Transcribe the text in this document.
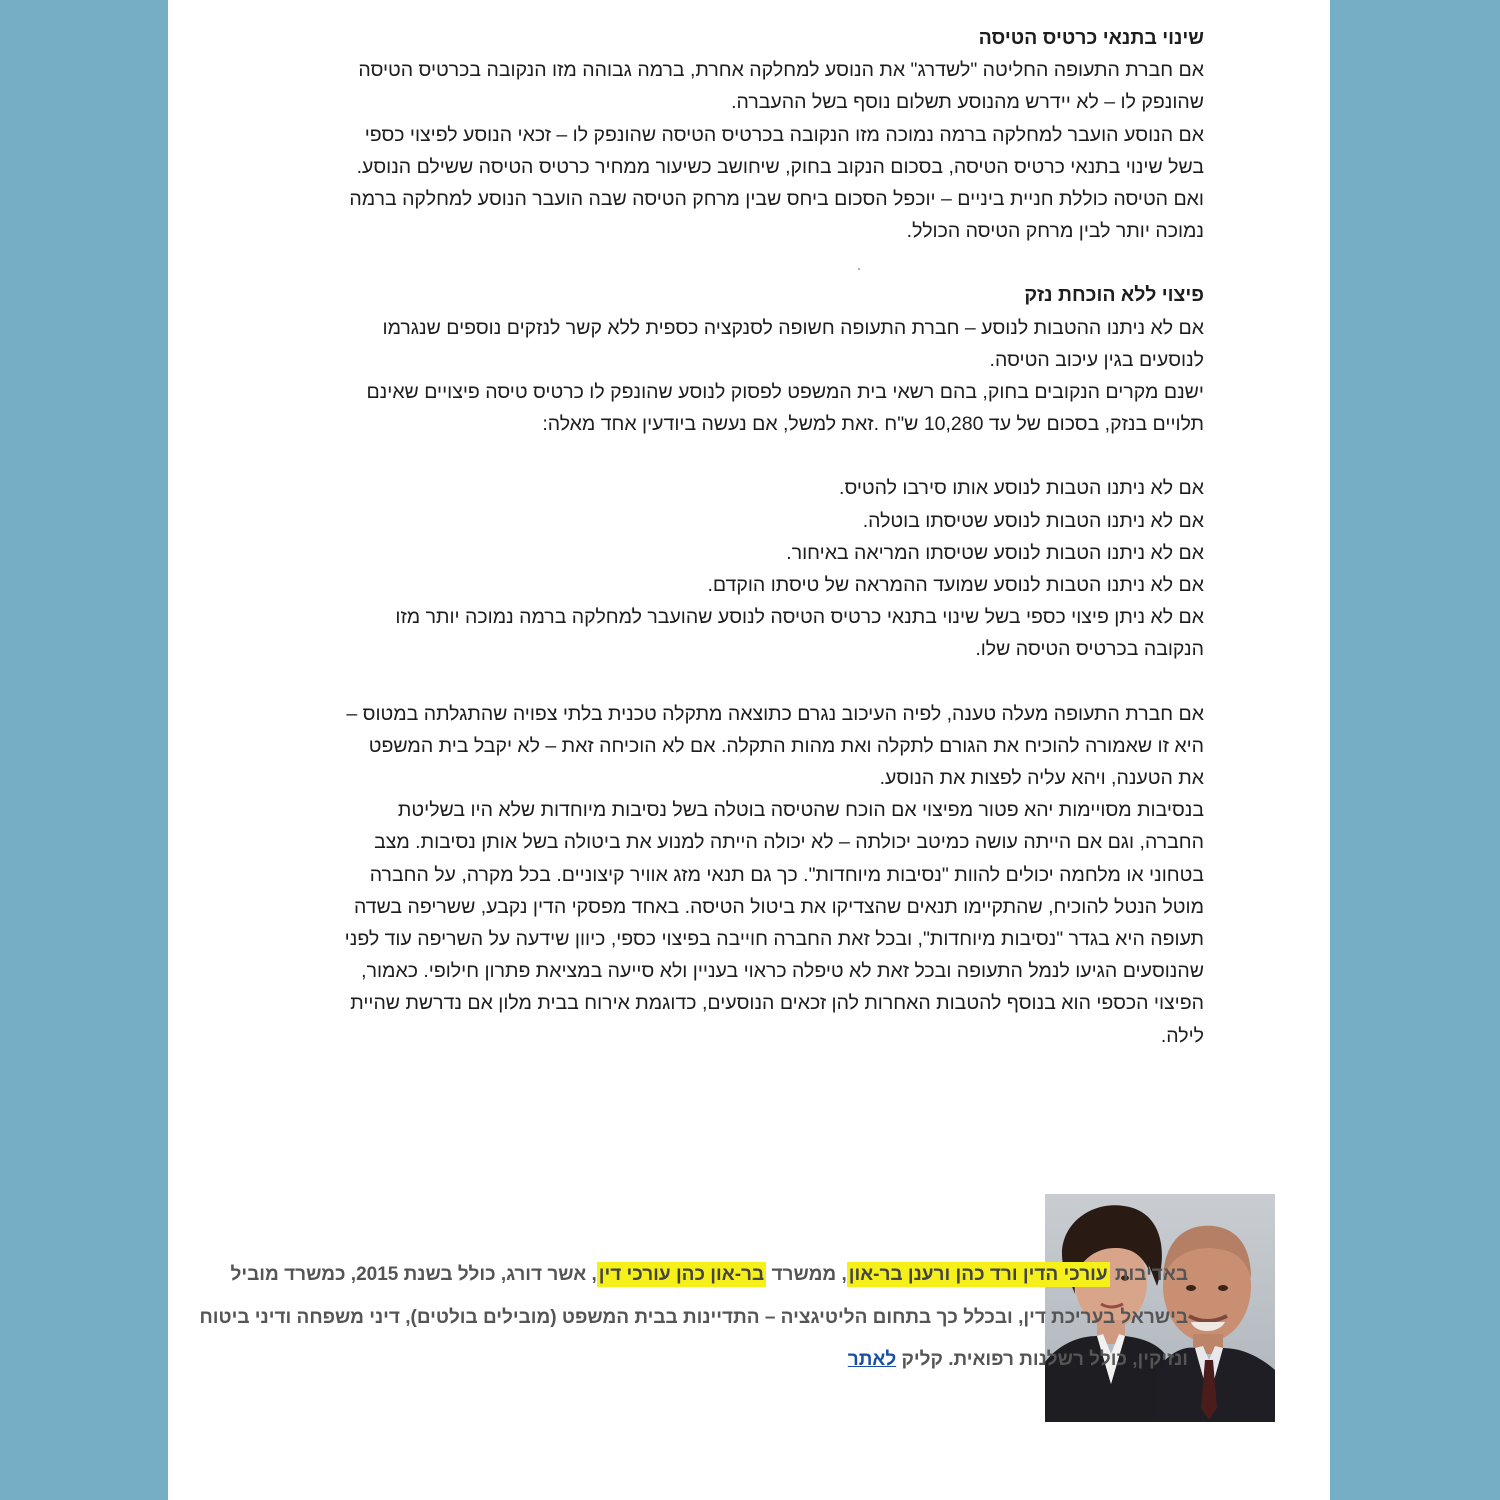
שינוי בתנאי כרטיס הטיסה

אם חברת התעופה החליטה "לשדרג" את הנוסע למחלקה אחרת, ברמה גבוהה מזו הנקובה בכרטיס הטיסה שהונפק לו – לא יידרש מהנוסע תשלום נוסף בשל ההעברה.

אם הנוסע הועבר למחלקה ברמה נמוכה מזו הנקובה בכרטיס הטיסה שהונפק לו – זכאי הנוסע לפיצוי כספי בשל שינוי בתנאי כרטיס הטיסה, בסכום הנקוב בחוק, שיחושב כשיעור ממחיר כרטיס הטיסה ששילם הנוסע. ואם הטיסה כוללת חניית ביניים – יוכפל הסכום ביחס שבין מרחק הטיסה שבה הועבר הנוסע למחלקה ברמה נמוכה יותר לבין מרחק הטיסה הכולל.

פיצוי ללא הוכחת נזק

אם לא ניתנו ההטבות לנוסע – חברת התעופה חשופה לסנקציה כספית ללא קשר לנזקים נוספים שנגרמו לנוסעים בגין עיכוב הטיסה.

ישנם מקרים הנקובים בחוק, בהם רשאי בית המשפט לפסוק לנוסע שהונפק לו כרטיס טיסה פיצויים שאינם תלויים בנזק, בסכום של עד 10,280 ש"ח .זאת למשל, אם נעשה ביודעין אחד מאלה:

אם לא ניתנו הטבות לנוסע אותו סירבו להטיס.

אם לא ניתנו הטבות לנוסע שטיסתו בוטלה.

אם לא ניתנו הטבות לנוסע שטיסתו המריאה באיחור.

אם לא ניתנו הטבות לנוסע שמועד ההמראה של טיסתו הוקדם.

אם לא ניתן פיצוי כספי בשל שינוי בתנאי כרטיס הטיסה לנוסע שהועבר למחלקה ברמה נמוכה יותר מזו הנקובה בכרטיס הטיסה שלו.

אם חברת התעופה מעלה טענה, לפיה העיכוב נגרם כתוצאה מתקלה טכנית בלתי צפויה שהתגלתה במטוס – היא זו שאמורה להוכיח את הגורם לתקלה ואת מהות התקלה. אם לא הוכיחה זאת – לא יקבל בית המשפט את הטענה, ויהא עליה לפצות את הנוסע.

בנסיבות מסויימות יהא פטור מפיצוי אם הוכח שהטיסה בוטלה בשל נסיבות מיוחדות שלא היו בשליטת החברה, וגם אם הייתה עושה כמיטב יכולתה – לא יכולה הייתה למנוע את ביטולה בשל אותן נסיבות. מצב בטחוני או מלחמה יכולים להוות "נסיבות מיוחדות". כך גם תנאי מזג אוויר קיצוניים. בכל מקרה, על החברה מוטל הנטל להוכיח, שהתקיימו תנאים שהצדיקו את ביטול הטיסה. באחד מפסקי הדין נקבע, ששריפה בשדה תעופה היא בגדר "נסיבות מיוחדות", ובכל זאת החברה חוייבה בפיצוי כספי, כיוון שידעה על השריפה עוד לפני שהנוסעים הגיעו לנמל התעופה ובכל זאת לא טיפלה כראוי בעניין ולא סייעה במציאת פתרון חילופי. כאמור, הפיצוי הכספי הוא בנוסף להטבות האחרות להן זכאים הנוסעים, כדוגמת אירוח בבית מלון אם נדרשת שהיית לילה.

באדיבות עורכי הדין ורד כהן ורענן בר-און, ממשרד בר-און כהן עורכי דין, אשר דורג, כולל בשנת 2015, כמשרד מוביל בישראל בעריכת דין, ובכלל כך בתחום הליטיגציה – התדיינות בבית המשפט (מובילים בולטים), דיני משפחה ודיני ביטוח ונזיקין, כולל רשלנות רפואית. קליק לאתר
